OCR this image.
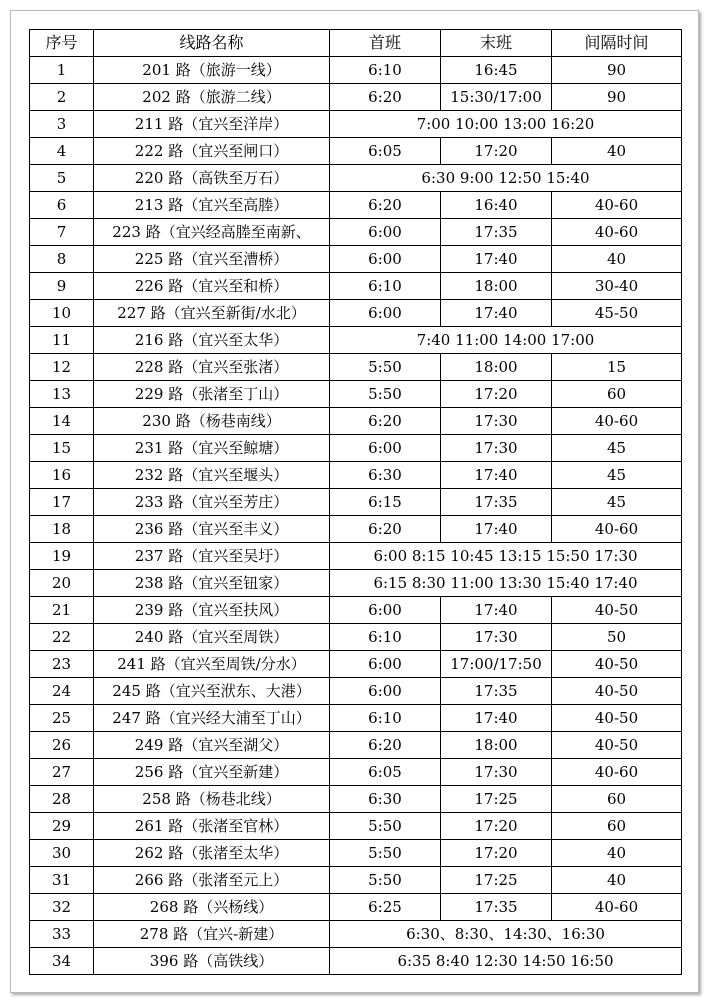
序号	线路名称	首班	末班	间隔时间
1	201 路（旅游一线）	6:10	16:45	90
2	202 路（旅游二线）	6:20	15:30/17:00	90
3	211 路（宜兴至洋岸）	7:00 10:00 13:00 16:20		
4	222 路（宜兴至闸口）	6:05	17:20	40
5	220 路（高铁至万石）	6:30 9:00 12:50 15:40		
6	213 路（宜兴至高塍）	6:20	16:40	40-60
7	223 路（宜兴经高塍至南新、	6:00	17:35	40-60
8	225 路（宜兴至漕桥）	6:00	17:40	40
9	226 路（宜兴至和桥）	6:10	18:00	30-40
10	227 路（宜兴至新街/水北）	6:00	17:40	45-50
11	216 路（宜兴至太华）	7:40 11:00 14:00 17:00		
12	228 路（宜兴至张渚）	5:50	18:00	15
13	229 路（张渚至丁山）	5:50	17:20	60
14	230 路（杨巷南线）	6:20	17:30	40-60
15	231 路（宜兴至鲸塘）	6:00	17:30	45
16	232 路（宜兴至堰头）	6:30	17:40	45
17	233 路（宜兴至芳庄）	6:15	17:35	45
18	236 路（宜兴至丰义）	6:20	17:40	40-60
19	237 路（宜兴至吴圩）	6:00 8:15 10:45 13:15 15:50 17:30		
20	238 路（宜兴至钮家）	6:15 8:30 11:00 13:30 15:40 17:40		
21	239 路（宜兴至扶风）	6:00	17:40	40-50
22	240 路（宜兴至周铁）	6:10	17:30	50
23	241 路（宜兴至周铁/分水）	6:00	17:00/17:50	40-50
24	245 路（宜兴至洑东、大港）	6:00	17:35	40-50
25	247 路（宜兴经大浦至丁山）	6:10	17:40	40-50
26	249 路（宜兴至湖父）	6:20	18:00	40-50
27	256 路（宜兴至新建）	6:05	17:30	40-60
28	258 路（杨巷北线）	6:30	17:25	60
29	261 路（张渚至官林）	5:50	17:20	60
30	262 路（张渚至太华）	5:50	17:20	40
31	266 路（张渚至元上）	5:50	17:25	40
32	268 路（兴杨线）	6:25	17:35	40-60
33	278 路（宜兴-新建）	6:30、8:30、14:30、16:30		
34	396 路（高铁线）	6:35 8:40 12:30 14:50 16:50		
